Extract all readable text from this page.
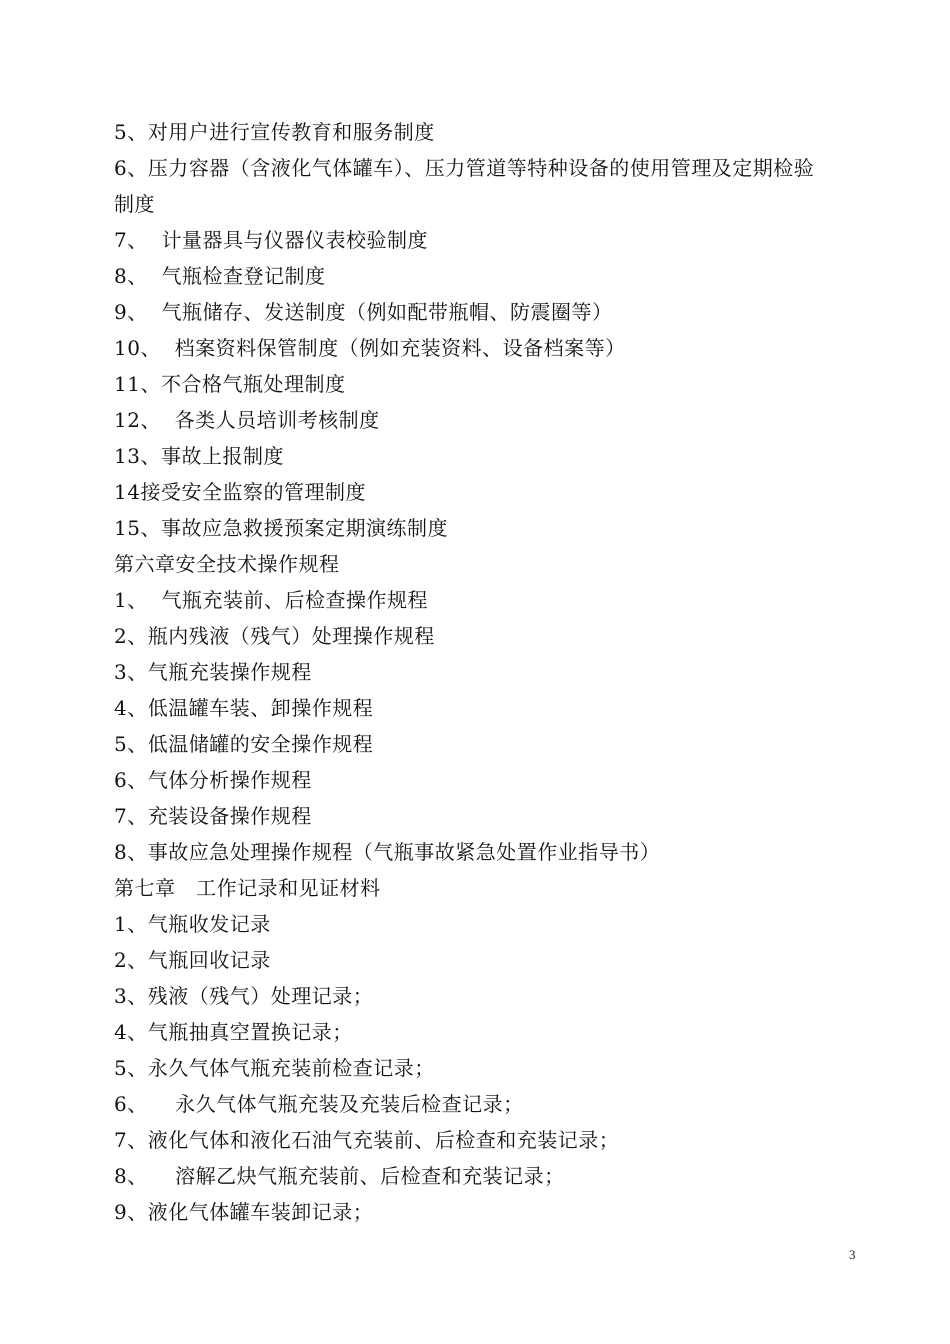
5、对用户进行宣传教育和服务制度
6、压力容器（含液化气体罐车）、压力管道等特种设备的使用管理及定期检验
制度
7、  计量器具与仪器仪表校验制度
8、  气瓶检查登记制度
9、  气瓶储存、发送制度（例如配带瓶帽、防震圈等）
10、  档案资料保管制度（例如充装资料、设备档案等）
11、不合格气瓶处理制度
12、  各类人员培训考核制度
13、事故上报制度
14接受安全监察的管理制度
15、事故应急救援预案定期演练制度
第六章安全技术操作规程
1、  气瓶充装前、后检查操作规程
2、瓶内残液（残气）处理操作规程
3、气瓶充装操作规程
4、低温罐车装、卸操作规程
5、低温储罐的安全操作规程
6、气体分析操作规程
7、充装设备操作规程
8、事故应急处理操作规程（气瓶事故紧急处置作业指导书）
第七章   工作记录和见证材料
1、气瓶收发记录
2、气瓶回收记录
3、残液（残气）处理记录；
4、气瓶抽真空置换记录；
5、永久气体气瓶充装前检查记录；
6、    永久气体气瓶充装及充装后检查记录；
7、液化气体和液化石油气充装前、后检查和充装记录；
8、    溶解乙炔气瓶充装前、后检查和充装记录；
9、液化气体罐车装卸记录；
3
